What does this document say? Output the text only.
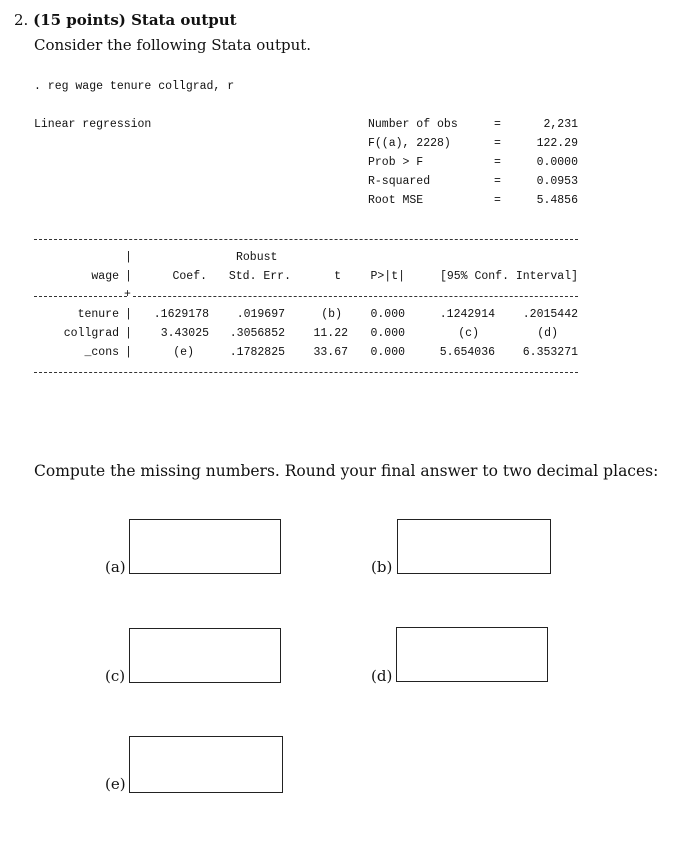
2. (15 points) Stata output
Consider the following Stata output.
. reg wage tenure collgrad, r
Linear regression	Number of obs	=	2,231
F((a), 2228)	=	122.29
Prob > F	=	0.0000
R-squared	=	0.0953
Root MSE	=	5.4856
|	Robust
wage |	Coef. Std. Err.	t	P>|t|	[95% Conf. Interval]
+
tenure | .1629178 .019697	(b) 0.000	.1242914 .2015442
collgrad |	3.43025 .3056852 11.22 0.000	(c)	(d)
_cons |	(e)	.1782825 33.67 0.000	5.654036 6.353271
Compute the missing numbers. Round your final answer to two decimal places:
(a)	(b)
(c)	(d)
(e)
